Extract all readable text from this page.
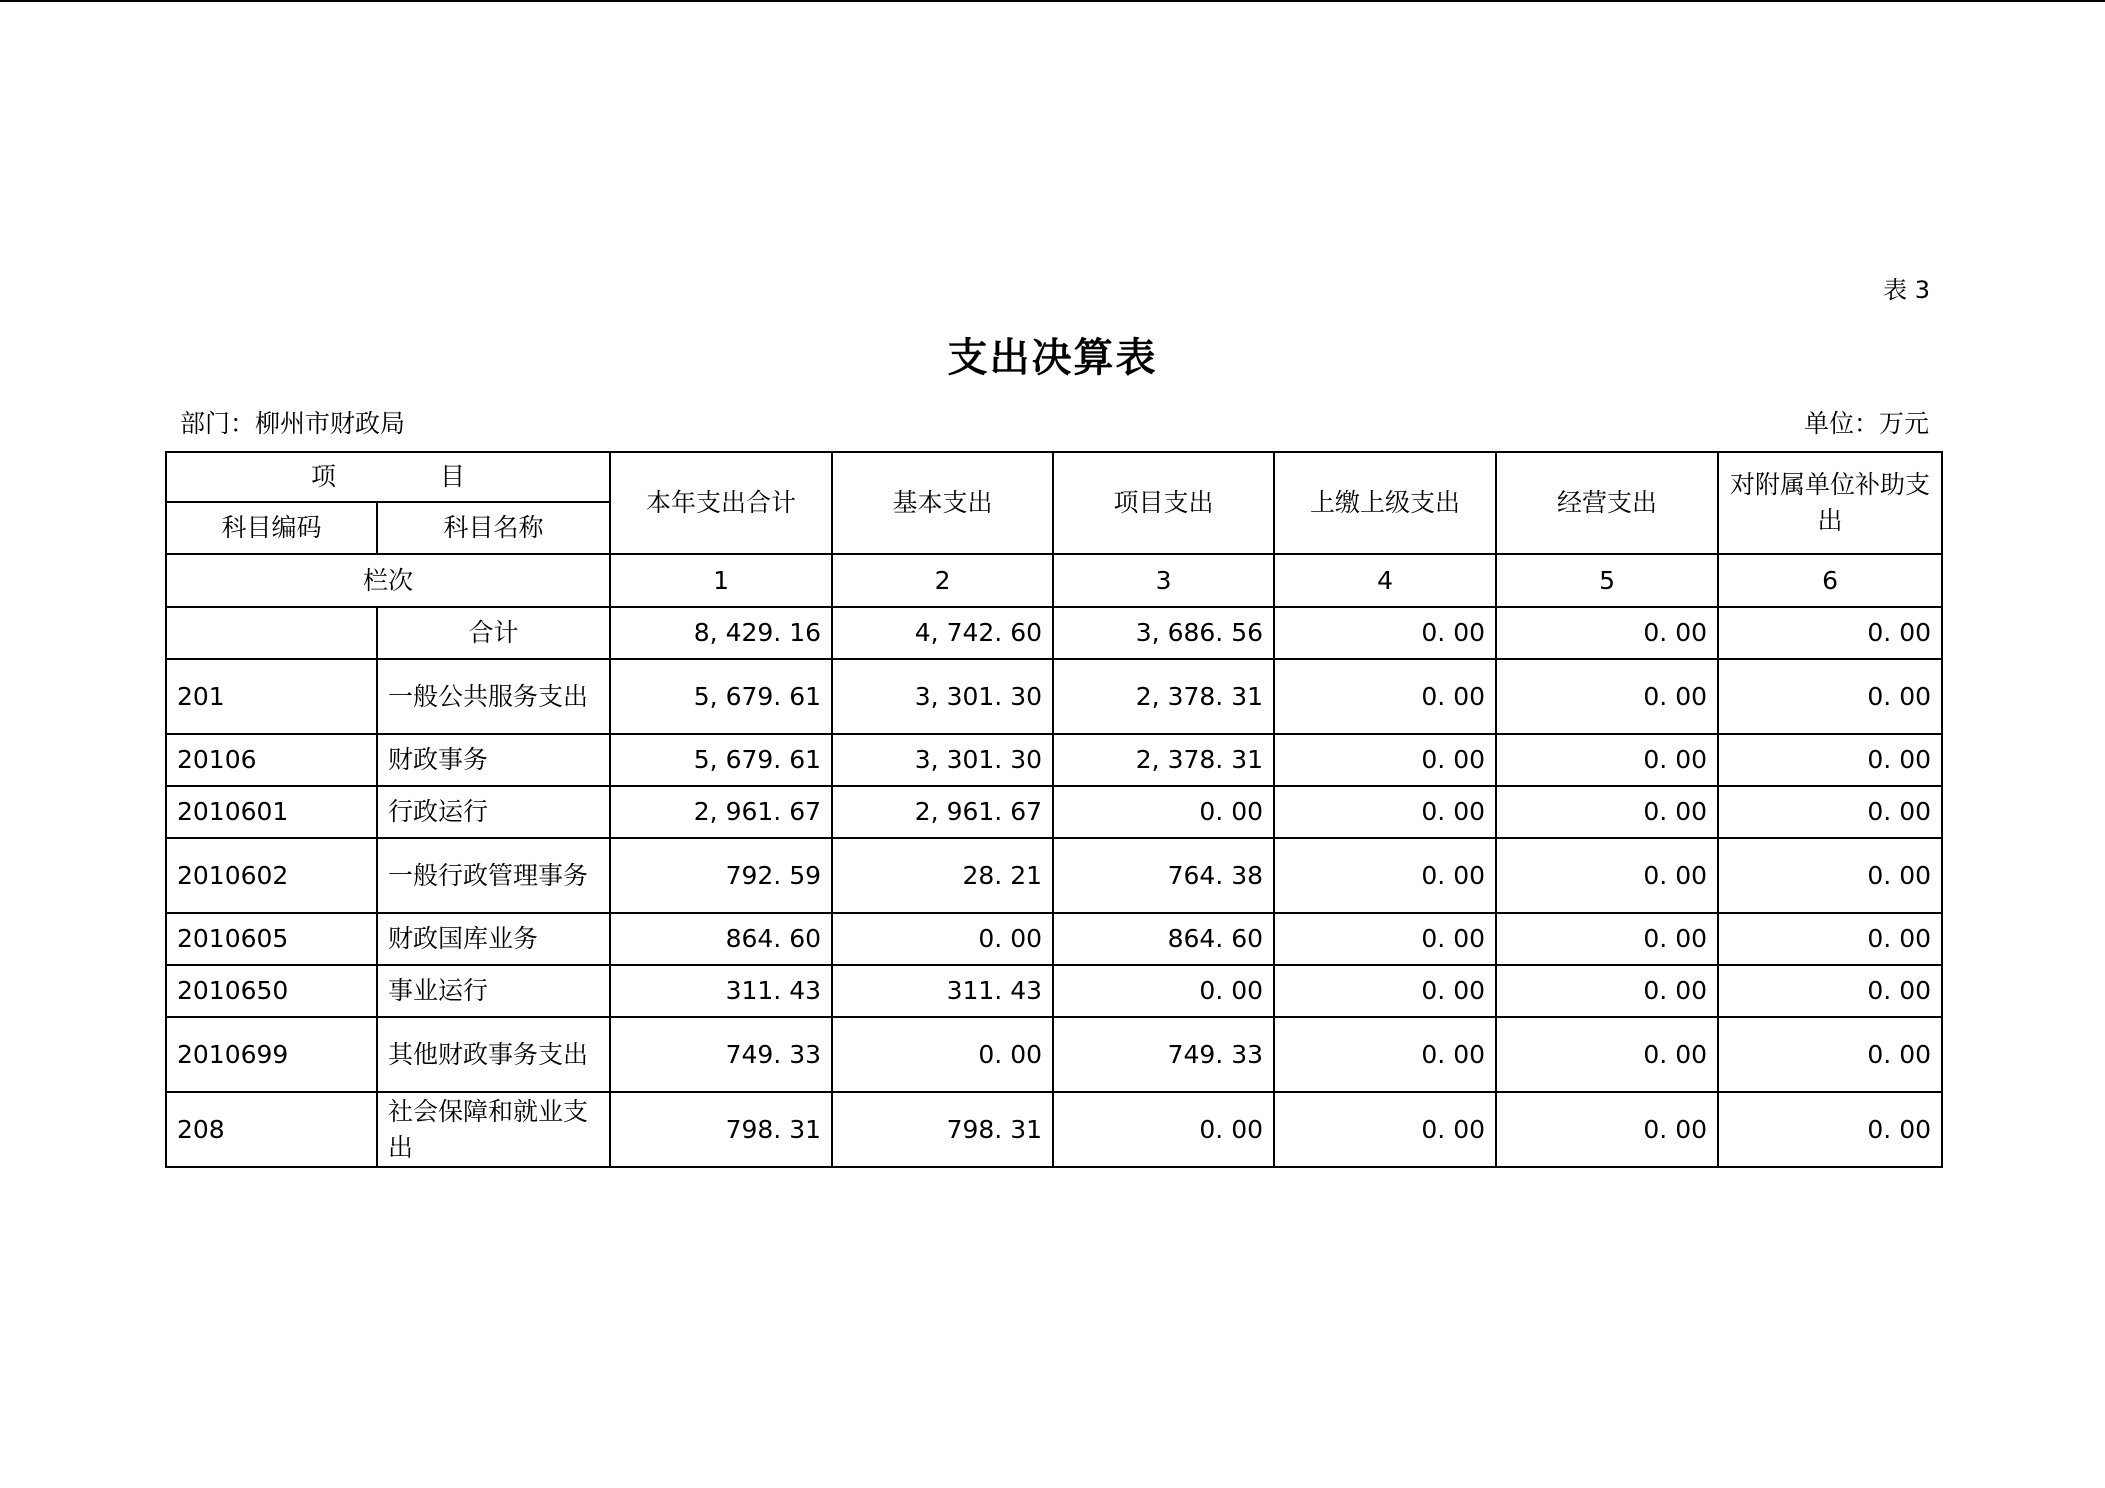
表 3
支出决算表
部门：柳州市财政局	单位：万元
项 目		本年支出合计	基本支出	项目支出	上缴上级支出	经营支出	对附属单位补助支出
科目编码	科目名称						
栏次		1	2	3	4	5	6
	合计	8, 429. 16	4, 742. 60	3, 686. 56	0. 00	0. 00	0. 00
201	一般公共服务支出	5, 679. 61	3, 301. 30	2, 378. 31	0. 00	0. 00	0. 00
20106	财政事务	5, 679. 61	3, 301. 30	2, 378. 31	0. 00	0. 00	0. 00
2010601	行政运行	2, 961. 67	2, 961. 67	0. 00	0. 00	0. 00	0. 00
2010602	一般行政管理事务	792. 59	28. 21	764. 38	0. 00	0. 00	0. 00
2010605	财政国库业务	864. 60	0. 00	864. 60	0. 00	0. 00	0. 00
2010650	事业运行	311. 43	311. 43	0. 00	0. 00	0. 00	0. 00
2010699	其他财政事务支出	749. 33	0. 00	749. 33	0. 00	0. 00	0. 00
208	社会保障和就业支出	798. 31	798. 31	0. 00	0. 00	0. 00	0. 00
